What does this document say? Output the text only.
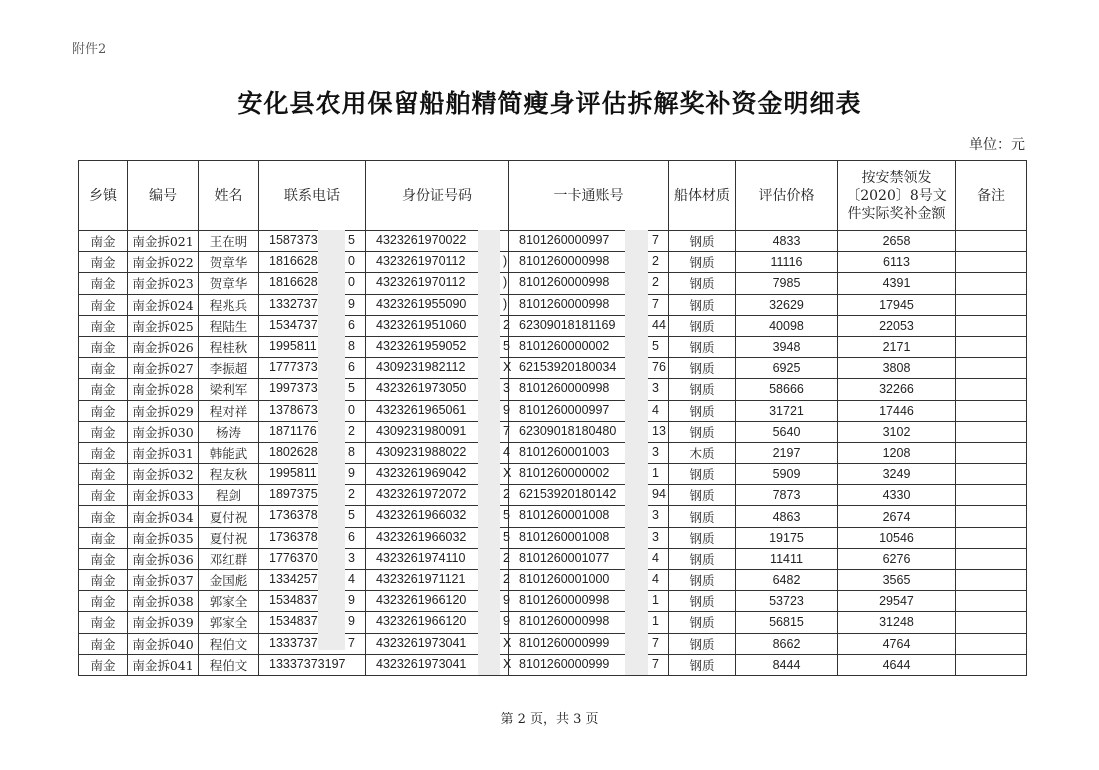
附件2
安化县农用保留船舶精简瘦身评估拆解奖补资金明细表
单位：元
乡镇	编号	姓名	联系电话	身份证号码	一卡通账号	船体材质	评估价格	按安禁领发〔2020〕8号文件实际奖补金额	备注
南金	南金拆021	王在明	1587373 5	4323261970022	8101260000997 7	钢质	4833	2658	
南金	南金拆022	贺章华	1816628 0	4323261970112 )	8101260000998 2	钢质	11116	6113	
南金	南金拆023	贺章华	1816628 0	4323261970112 )	8101260000998 2	钢质	7985	4391	
南金	南金拆024	程兆兵	1332737 9	4323261955090 )	8101260000998 7	钢质	32629	17945	
南金	南金拆025	程陆生	1534737 6	4323261951060 2	62309018181169 44	钢质	40098	22053	
南金	南金拆026	程桂秋	1995811 8	4323261959052 5	8101260000002 5	钢质	3948	2171	
南金	南金拆027	李振超	1777373 6	4309231982112 X	62153920180034 76	钢质	6925	3808	
南金	南金拆028	梁利军	1997373 5	4323261973050 3	8101260000998 3	钢质	58666	32266	
南金	南金拆029	程对祥	1378673 0	4323261965061 9	8101260000997 4	钢质	31721	17446	
南金	南金拆030	杨涛	1871176 2	4309231980091 7	62309018180480 13	钢质	5640	3102	
南金	南金拆031	韩能武	1802628 8	4309231988022 4	8101260001003 3	木质	2197	1208	
南金	南金拆032	程友秋	1995811 9	4323261969042 X	8101260000002 1	钢质	5909	3249	
南金	南金拆033	程剑	1897375 2	4323261972072 2	62153920180142 94	钢质	7873	4330	
南金	南金拆034	夏付祝	1736378 5	4323261966032 5	8101260001008 3	钢质	4863	2674	
南金	南金拆035	夏付祝	1736378 6	4323261966032 5	8101260001008 3	钢质	19175	10546	
南金	南金拆036	邓红群	1776370 3	4323261974110 2	8101260001077 4	钢质	11411	6276	
南金	南金拆037	金国彪	1334257 4	4323261971121 2	8101260001000 4	钢质	6482	3565	
南金	南金拆038	郭家全	1534837 9	4323261966120 9	8101260000998 1	钢质	53723	29547	
南金	南金拆039	郭家全	1534837 9	4323261966120 9	8101260000998 1	钢质	56815	31248	
南金	南金拆040	程伯文	1333737 7	4323261973041 X	8101260000999 7	钢质	8662	4764	
南金	南金拆041	程伯文	13337373197	4323261973041 X	8101260000999 7	钢质	8444	4644	
第 2 页，共 3 页
